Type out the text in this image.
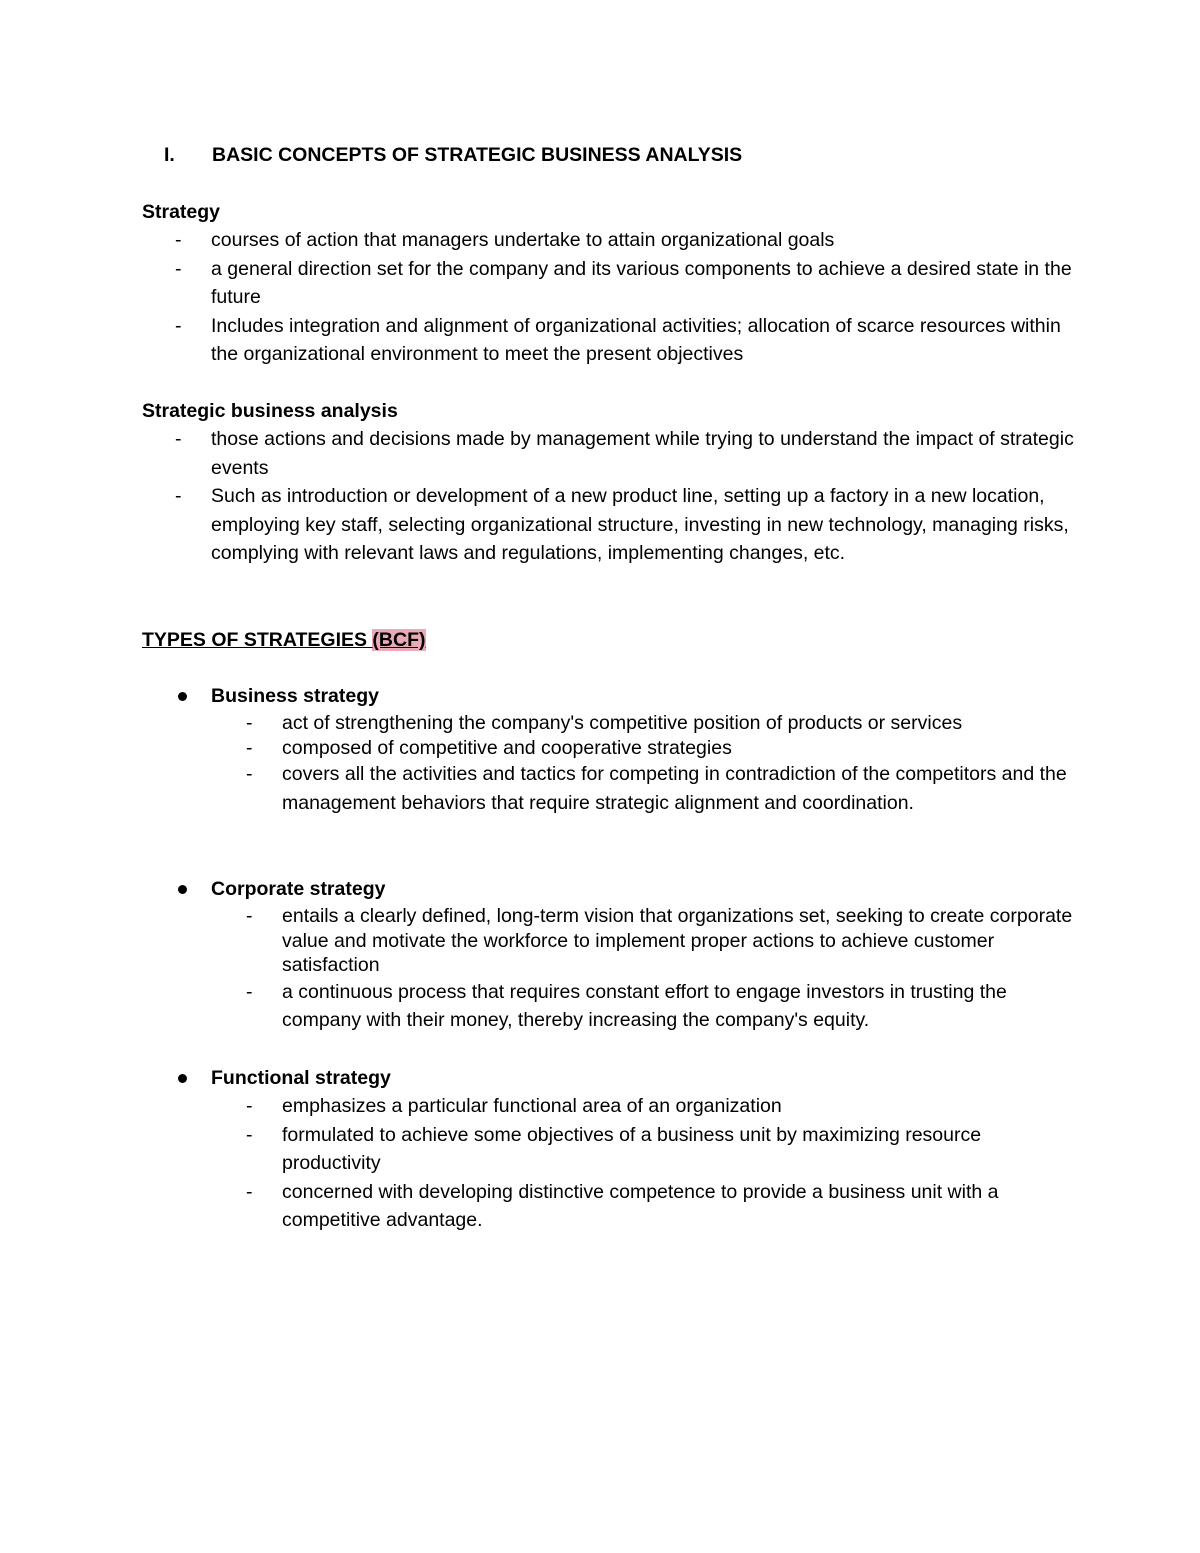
I. BASIC CONCEPTS OF STRATEGIC BUSINESS ANALYSIS
Strategy
- courses of action that managers undertake to attain organizational goals
- a general direction set for the company and its various components to achieve a desired state in the future
- Includes integration and alignment of organizational activities; allocation of scarce resources within the organizational environment to meet the present objectives
Strategic business analysis
- those actions and decisions made by management while trying to understand the impact of strategic events
- Such as introduction or development of a new product line, setting up a factory in a new location, employing key staff, selecting organizational structure, investing in new technology, managing risks, complying with relevant laws and regulations, implementing changes, etc.
TYPES OF STRATEGIES (BCF)
Business strategy
- act of strengthening the company's competitive position of products or services
- composed of competitive and cooperative strategies
- covers all the activities and tactics for competing in contradiction of the competitors and the management behaviors that require strategic alignment and coordination.
Corporate strategy
- entails a clearly defined, long-term vision that organizations set, seeking to create corporate value and motivate the workforce to implement proper actions to achieve customer satisfaction
- a continuous process that requires constant effort to engage investors in trusting the company with their money, thereby increasing the company's equity.
Functional strategy
- emphasizes a particular functional area of an organization
- formulated to achieve some objectives of a business unit by maximizing resource productivity
- concerned with developing distinctive competence to provide a business unit with a competitive advantage.
